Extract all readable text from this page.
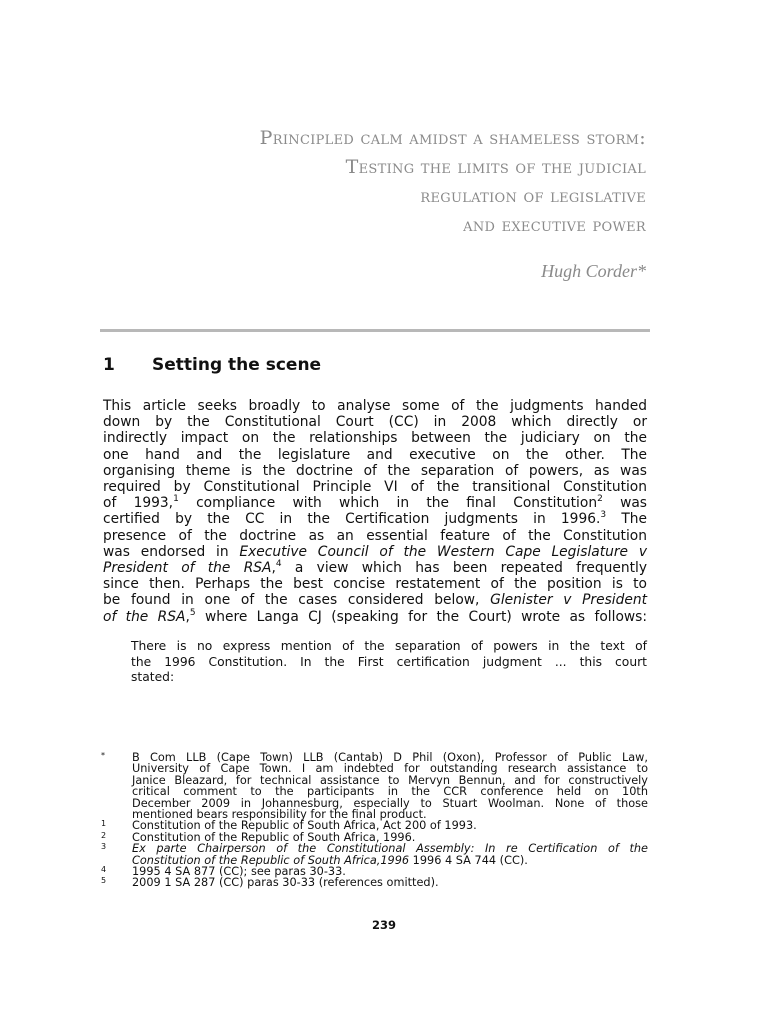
Principled calm amidst a shameless storm:
Testing the limits of the judicial
regulation of legislative
and executive power
Hugh Corder*
1 Setting the scene
This article seeks broadly to analyse some of the judgments handed
down by the Constitutional Court (CC) in 2008 which directly or
indirectly impact on the relationships between the judiciary on the
one hand and the legislature and executive on the other. The
organising theme is the doctrine of the separation of powers, as was
required by Constitutional Principle VI of the transitional Constitution
of 1993,$^1$ compliance with which in the final Constitution$^2$ was
certified by the CC in the Certification judgments in 1996.$^3$ The
presence of the doctrine as an essential feature of the Constitution
was endorsed in Executive Council of the Western Cape Legislature v
President of the RSA,$^4$ a view which has been repeated frequently
since then. Perhaps the best concise restatement of the position is to
be found in one of the cases considered below, Glenister v President
of the RSA,$^5$ where Langa CJ (speaking for the Court) wrote as follows:
There is no express mention of the separation of powers in the text of
the 1996 Constitution. In the First certification judgment ... this court
stated:
* B Com LLB (Cape Town) LLB (Cantab) D Phil (Oxon), Professor of Public Law,
University of Cape Town. I am indebted for outstanding research assistance to
Janice Bleazard, for technical assistance to Mervyn Bennun, and for constructively
critical comment to the participants in the CCR conference held on 10th
December 2009 in Johannesburg, especially to Stuart Woolman. None of those
mentioned bears responsibility for the final product.
1 Constitution of the Republic of South Africa, Act 200 of 1993.
2 Constitution of the Republic of South Africa, 1996.
3 Ex parte Chairperson of the Constitutional Assembly: In re Certification of the
Constitution of the Republic of South Africa,1996 1996 4 SA 744 (CC).
4 1995 4 SA 877 (CC); see paras 30-33.
5 2009 1 SA 287 (CC) paras 30-33 (references omitted).
239
